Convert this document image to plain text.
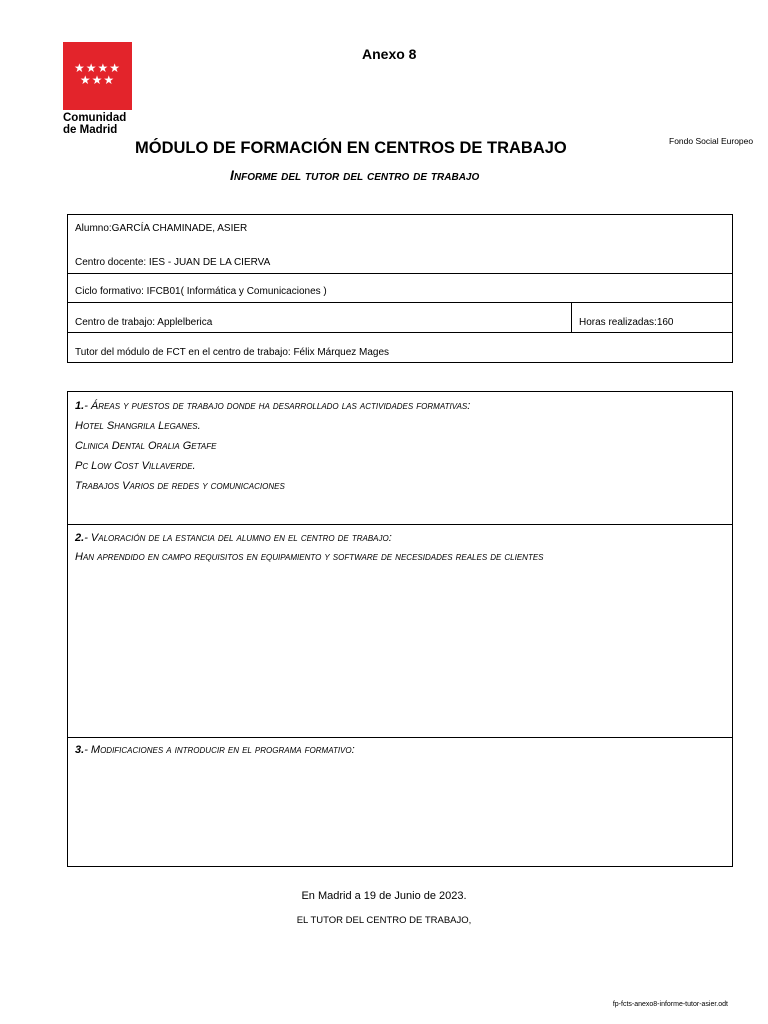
★★★★
★★★
Comunidad
de Madrid
Anexo 8
Fondo Social Europeo
MÓDULO DE FORMACIÓN EN CENTROS DE TRABAJO
Informe del tutor del centro de trabajo
Alumno:GARCÍA CHAMINADE, ASIER
Centro docente: IES - JUAN DE LA CIERVA
Ciclo formativo: IFCB01( Informática y Comunicaciones )
Centro de trabajo: Applelberica	Horas realizadas:160
Tutor del módulo de FCT en el centro de trabajo: Félix Márquez Mages
1.- Áreas y puestos de trabajo donde ha desarrollado las actividades formativas:
Hotel Shangrila Leganes.
Clinica Dental Oralia Getafe
Pc Low Cost Villaverde.
Trabajos Varios de redes y comunicaciones
2.- Valoración de la estancia del alumno en el centro de trabajo:
Han aprendido en campo requisitos en equipamiento y software de necesidades reales de clientes
3.- Modificaciones a introducir en el programa formativo:
En Madrid a 19 de Junio de 2023.
EL TUTOR DEL CENTRO DE TRABAJO,
fp-fcts-anexo8-informe-tutor-asier.odt
